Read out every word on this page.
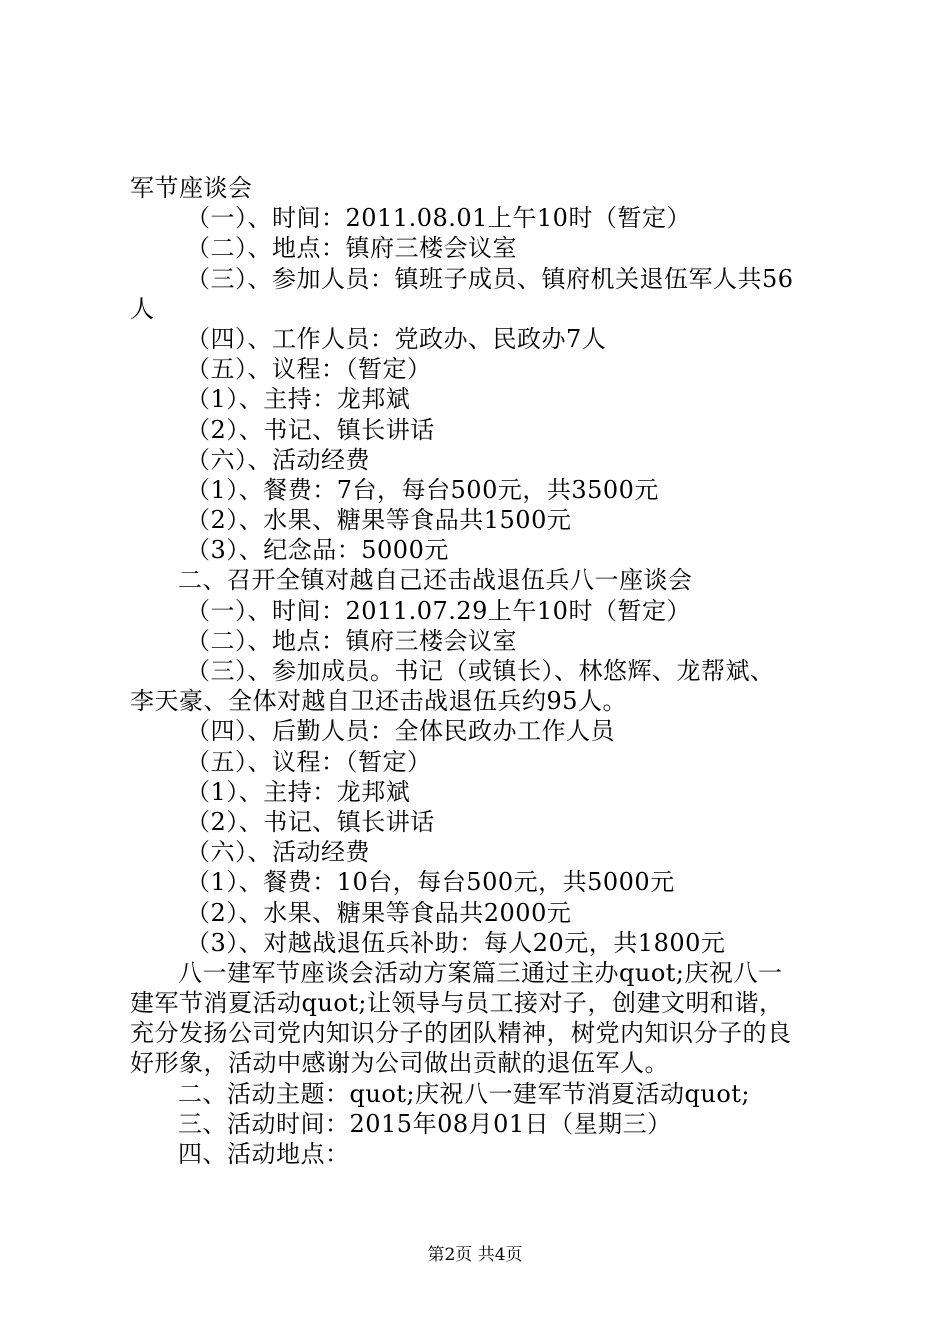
军节座谈会
（一）、时间：2011.08.01上午10时（暂定）
（二）、地点：镇府三楼会议室
（三）、参加人员：镇班子成员、镇府机关退伍军人共56
人
（四）、工作人员：党政办、民政办7人
（五）、议程：（暂定）
（1）、主持：龙邦斌
（2）、书记、镇长讲话
（六）、活动经费
（1）、餐费：7台，每台500元，共3500元
（2）、水果、糖果等食品共1500元
（3）、纪念品：5000元
二、召开全镇对越自己还击战退伍兵八一座谈会
（一）、时间：2011.07.29上午10时（暂定）
（二）、地点：镇府三楼会议室
（三）、参加成员。书记（或镇长）、林悠辉、龙帮斌、
李天豪、全体对越自卫还击战退伍兵约95人。
（四）、后勤人员：全体民政办工作人员
（五）、议程：（暂定）
（1）、主持：龙邦斌
（2）、书记、镇长讲话
（六）、活动经费
（1）、餐费：10台，每台500元，共5000元
（2）、水果、糖果等食品共2000元
（3）、对越战退伍兵补助：每人20元，共1800元
八一建军节座谈会活动方案篇三通过主办quot;庆祝八一
建军节消夏活动quot;让领导与员工接对子，创建文明和谐，
充分发扬公司党内知识分子的团队精神，树党内知识分子的良
好形象，活动中感谢为公司做出贡献的退伍军人。
二、活动主题：quot;庆祝八一建军节消夏活动quot;
三、活动时间：2015年08月01日（星期三）
四、活动地点：
第2页 共4页
